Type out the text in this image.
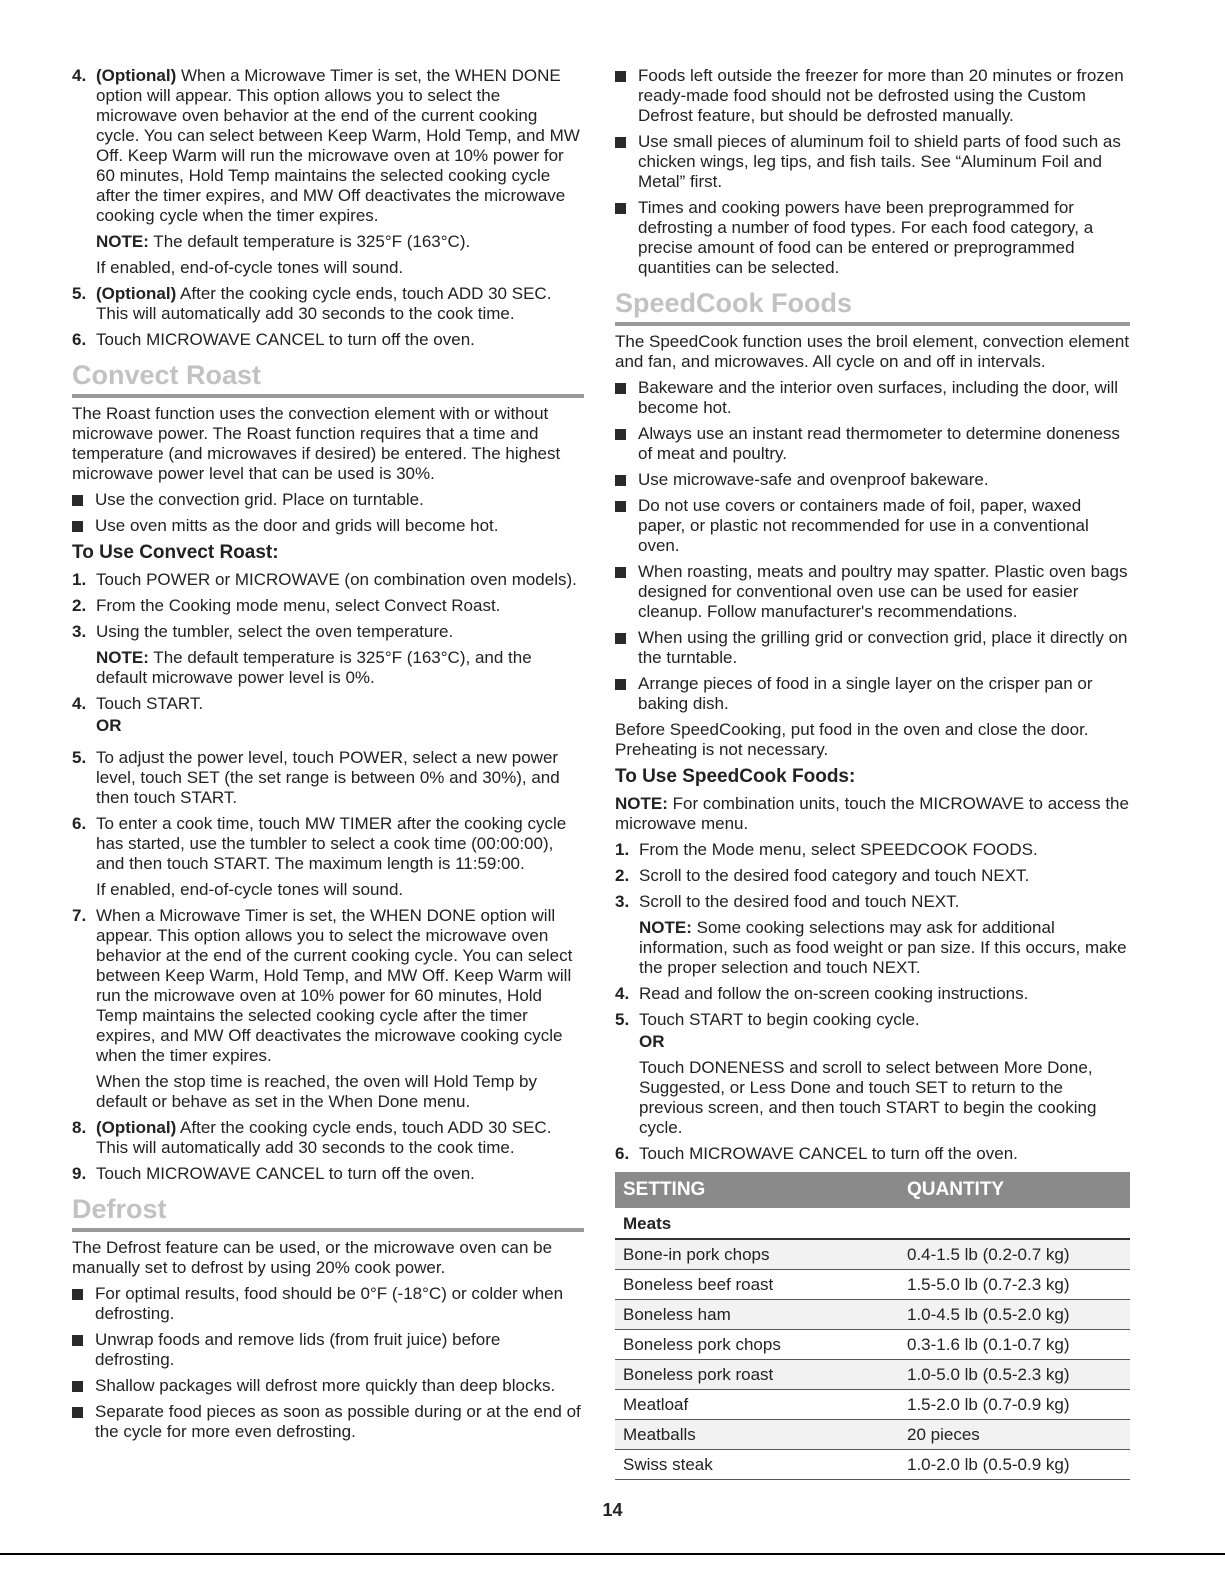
4. (Optional) When a Microwave Timer is set, the WHEN DONE option will appear. This option allows you to select the microwave oven behavior at the end of the current cooking cycle. You can select between Keep Warm, Hold Temp, and MW Off. Keep Warm will run the microwave oven at 10% power for 60 minutes, Hold Temp maintains the selected cooking cycle after the timer expires, and MW Off deactivates the microwave cooking cycle when the timer expires.
NOTE: The default temperature is 325°F (163°C).
If enabled, end-of-cycle tones will sound.
5. (Optional) After the cooking cycle ends, touch ADD 30 SEC. This will automatically add 30 seconds to the cook time.
6. Touch MICROWAVE CANCEL to turn off the oven.
Convect Roast

The Roast function uses the convection element with or without microwave power. The Roast function requires that a time and temperature (and microwaves if desired) be entered. The highest microwave power level that can be used is 30%.

Use the convection grid. Place on turntable.
Use oven mitts as the door and grids will become hot.
To Use Convect Roast:
1. Touch POWER or MICROWAVE (on combination oven models).
2. From the Cooking mode menu, select Convect Roast.
3. Using the tumbler, select the oven temperature.
NOTE: The default temperature is 325°F (163°C), and the default microwave power level is 0%.
4. Touch START.
OR
5. To adjust the power level, touch POWER, select a new power level, touch SET (the set range is between 0% and 30%), and then touch START.
6. To enter a cook time, touch MW TIMER after the cooking cycle has started, use the tumbler to select a cook time (00:00:00), and then touch START. The maximum length is 11:59:00.
If enabled, end-of-cycle tones will sound.
7. When a Microwave Timer is set, the WHEN DONE option will appear. This option allows you to select the microwave oven behavior at the end of the current cooking cycle. You can select between Keep Warm, Hold Temp, and MW Off. Keep Warm will run the microwave oven at 10% power for 60 minutes, Hold Temp maintains the selected cooking cycle after the timer expires, and MW Off deactivates the microwave cooking cycle when the timer expires.
When the stop time is reached, the oven will Hold Temp by default or behave as set in the When Done menu.
8. (Optional) After the cooking cycle ends, touch ADD 30 SEC. This will automatically add 30 seconds to the cook time.
9. Touch MICROWAVE CANCEL to turn off the oven.
Defrost

The Defrost feature can be used, or the microwave oven can be manually set to defrost by using 20% cook power.

For optimal results, food should be 0°F (-18°C) or colder when defrosting.
Unwrap foods and remove lids (from fruit juice) before defrosting.
Shallow packages will defrost more quickly than deep blocks.
Separate food pieces as soon as possible during or at the end of the cycle for more even defrosting.
Foods left outside the freezer for more than 20 minutes or frozen ready-made food should not be defrosted using the Custom Defrost feature, but should be defrosted manually.
Use small pieces of aluminum foil to shield parts of food such as chicken wings, leg tips, and fish tails. See “Aluminum Foil and Metal” first.
Times and cooking powers have been preprogrammed for defrosting a number of food types. For each food category, a precise amount of food can be entered or preprogrammed quantities can be selected.
SpeedCook Foods

The SpeedCook function uses the broil element, convection element and fan, and microwaves. All cycle on and off in intervals.

Bakeware and the interior oven surfaces, including the door, will become hot.
Always use an instant read thermometer to determine doneness of meat and poultry.
Use microwave-safe and ovenproof bakeware.
Do not use covers or containers made of foil, paper, waxed paper, or plastic not recommended for use in a conventional oven.
When roasting, meats and poultry may spatter. Plastic oven bags designed for conventional oven use can be used for easier cleanup. Follow manufacturer's recommendations.
When using the grilling grid or convection grid, place it directly on the turntable.
Arrange pieces of food in a single layer on the crisper pan or baking dish.

Before SpeedCooking, put food in the oven and close the door. Preheating is not necessary.

To Use SpeedCook Foods:

NOTE: For combination units, touch the MICROWAVE to access the microwave menu.

1. From the Mode menu, select SPEEDCOOK FOODS.
2. Scroll to the desired food category and touch NEXT.
3. Scroll to the desired food and touch NEXT.
NOTE: Some cooking selections may ask for additional information, such as food weight or pan size. If this occurs, make the proper selection and touch NEXT.
4. Read and follow the on-screen cooking instructions.
5. Touch START to begin cooking cycle.
OR
Touch DONENESS and scroll to select between More Done, Suggested, or Less Done and touch SET to return to the previous screen, and then touch START to begin the cooking cycle.
6. Touch MICROWAVE CANCEL to turn off the oven.
SETTING	QUANTITY
Meats
Bone-in pork chops	0.4-1.5 lb (0.2-0.7 kg)
Boneless beef roast	1.5-5.0 lb (0.7-2.3 kg)
Boneless ham	1.0-4.5 lb (0.5-2.0 kg)
Boneless pork chops	0.3-1.6 lb (0.1-0.7 kg)
Boneless pork roast	1.0-5.0 lb (0.5-2.3 kg)
Meatloaf	1.5-2.0 lb (0.7-0.9 kg)
Meatballs	20 pieces
Swiss steak	1.0-2.0 lb (0.5-0.9 kg)
14
